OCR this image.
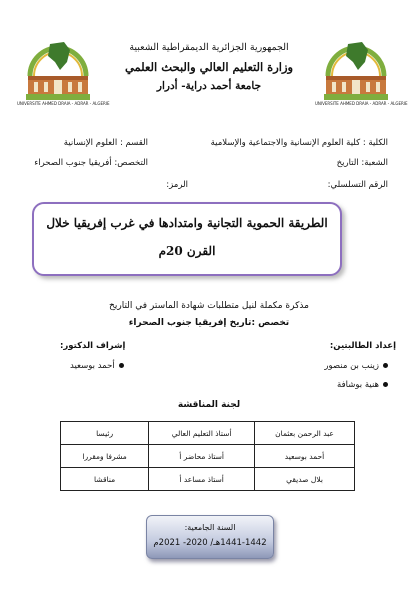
UNIVERSITE AHMED DRAIA - ADRAR - ALGERIE	UNIVERSITE AHMED DRAIA - ADRAR - ALGERIE
الجمهورية الجزائرية الديمقراطية الشعبية
وزارة التعليم العالي والبحث العلمي
جامعة أحمد دراية- أدرار
الكلية : كلية العلوم الإنسانية والاجتماعية والإسلامية
القسم : العلوم الإنسانية
الشعبة: التاريخ
التخصص: أفريقيا جنوب الصحراء
الرقم التسلسلي:
الرمز:
الطريقة الحموية التجانية وامتدادها في غرب إفريقيا خلال
القرن 20م
مذكرة مكملة لنيل متطلبات شهادة الماستر في التاريخ
تخصص :تاريخ إفريقيا جنوب الصحراء
إعداد الطالبتين:
إشراف الدكتور:
زينب بن منصور
أحمد بوسعيد
هنية بوشافة
لجنة المناقشة
عبد الرحمن بعثمان	أستاذ التعليم العالي	رئيسا
أحمد بوسعيد	أستاذ محاضر أ	مشرفا ومقررا
بلال صديقي	أستاذ مساعد أ	مناقشا
السنة الجامعية:
1441-1442هـ/ 2020- 2021م
